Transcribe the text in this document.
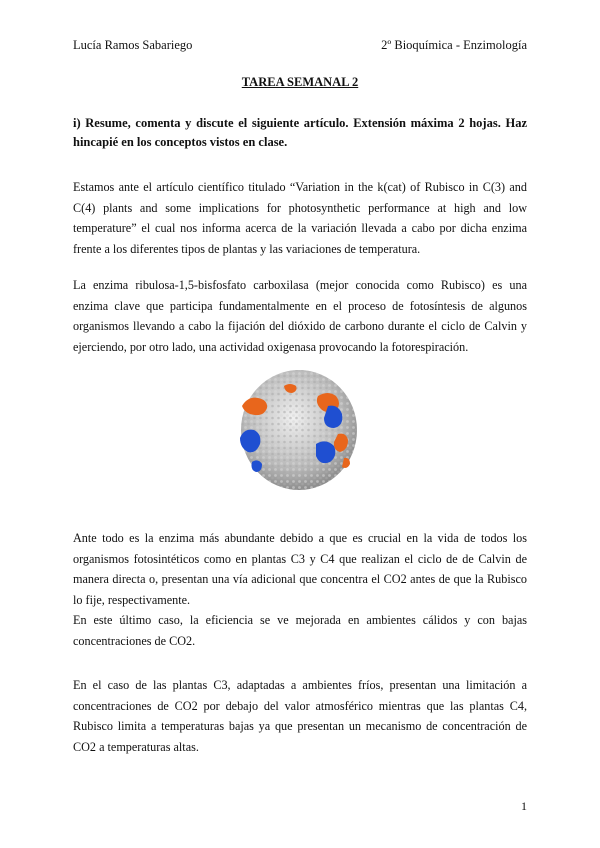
Lucía Ramos Sabariego	2º Bioquímica - Enzimología
TAREA SEMANAL 2
i) Resume, comenta y discute el siguiente artículo. Extensión máxima 2 hojas. Haz hincapié en los conceptos vistos en clase.

Estamos ante el artículo científico titulado “Variation in the k(cat) of Rubisco in C(3) and C(4) plants and some implications for photosynthetic performance at high and low temperature” el cual nos informa acerca de la variación llevada a cabo por dicha enzima frente a los diferentes tipos de plantas y las variaciones de temperatura.

La enzima ribulosa-1,5-bisfosfato carboxilasa (mejor conocida como Rubisco) es una enzima clave que participa fundamentalmente en el proceso de fotosíntesis de algunos organismos llevando a cabo la fijación del dióxido de carbono durante el ciclo de Calvin y ejerciendo, por otro lado, una actividad oxigenasa provocando la fotorespiración.

Ante todo es la enzima más abundante debido a que es crucial en la vida de todos los organismos fotosintéticos como en plantas C3 y C4 que realizan el ciclo de de Calvin de manera directa o, presentan una vía adicional que concentra el CO2 antes de que la Rubisco lo fije, respectivamente.

En este último caso, la eficiencia se ve mejorada en ambientes cálidos y con bajas concentraciones de CO2.

En el caso de las plantas C3, adaptadas a ambientes fríos, presentan una limitación a concentraciones de CO2 por debajo del valor atmosférico mientras que las plantas C4, Rubisco limita a temperaturas bajas ya que presentan un mecanismo de concentración de CO2 a temperaturas altas.

1
